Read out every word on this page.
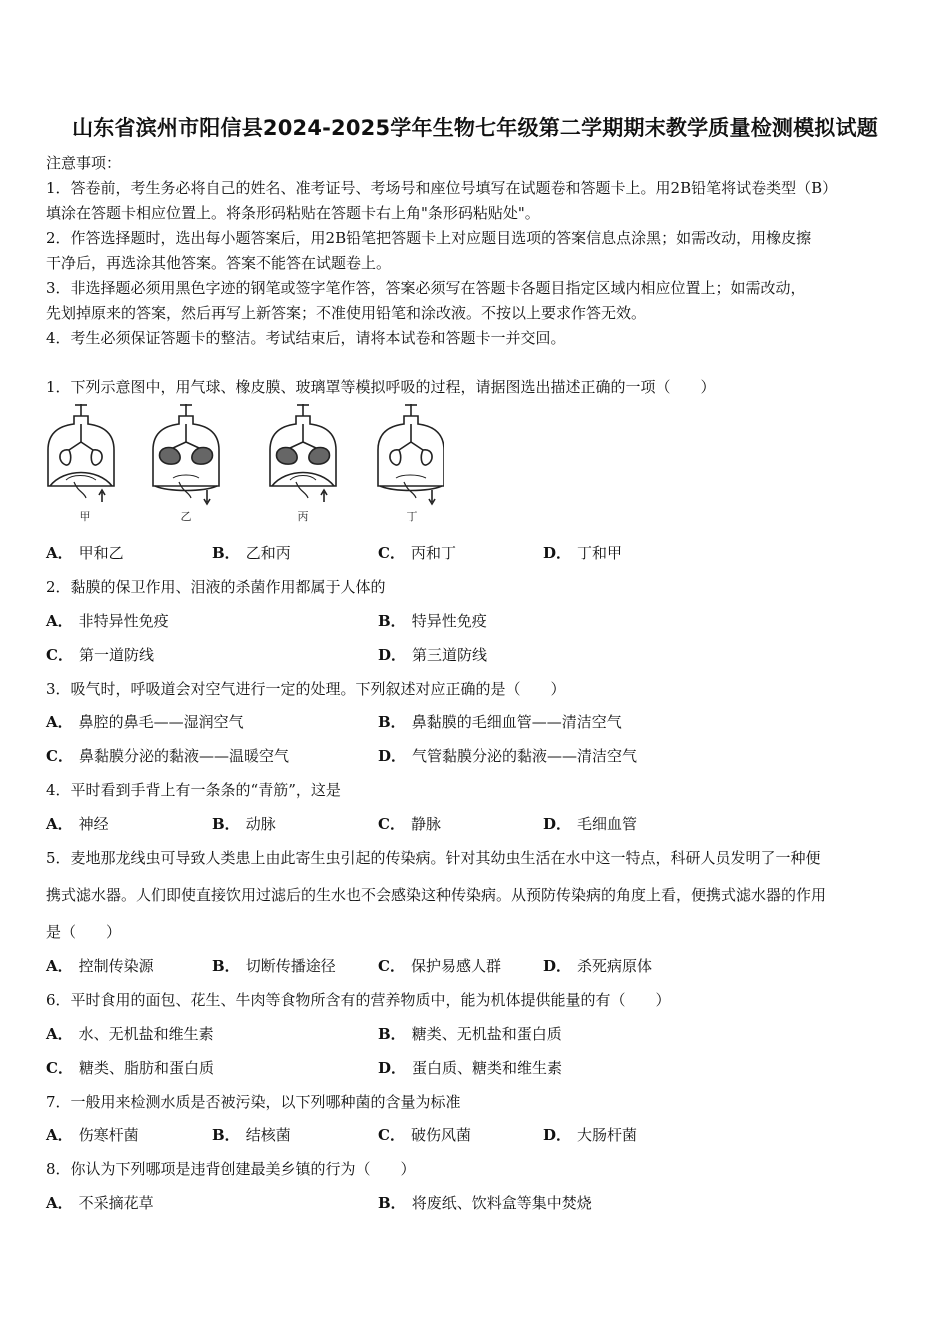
山东省滨州市阳信县2024-2025学年生物七年级第二学期期末教学质量检测模拟试题
注意事项：
1．答卷前，考生务必将自己的姓名、准考证号、考场号和座位号填写在试题卷和答题卡上。用2B铅笔将试卷类型（B）
填涂在答题卡相应位置上。将条形码粘贴在答题卡右上角"条形码粘贴处"。
2．作答选择题时，选出每小题答案后，用2B铅笔把答题卡上对应题目选项的答案信息点涂黑；如需改动，用橡皮擦
干净后，再选涂其他答案。答案不能答在试题卷上。
3．非选择题必须用黑色字迹的钢笔或签字笔作答，答案必须写在答题卡各题目指定区域内相应位置上；如需改动，
先划掉原来的答案，然后再写上新答案；不准使用铅笔和涂改液。不按以上要求作答无效。
4．考生必须保证答题卡的整洁。考试结束后，请将本试卷和答题卡一并交回。
1．下列示意图中，用气球、橡皮膜、玻璃罩等模拟呼吸的过程，请据图选出描述正确的一项（　　）
甲	乙	丙	丁
A． 甲和乙	B． 乙和丙	C． 丙和丁	D． 丁和甲
2．黏膜的保卫作用、泪液的杀菌作用都属于人体的
A． 非特异性免疫	B． 特异性免疫
C． 第一道防线	D． 第三道防线
3．吸气时，呼吸道会对空气进行一定的处理。下列叙述对应正确的是（　　）
A． 鼻腔的鼻毛——湿润空气	B． 鼻黏膜的毛细血管——清洁空气
C． 鼻黏膜分泌的黏液——温暖空气	D． 气管黏膜分泌的黏液——清洁空气
4．平时看到手背上有一条条的“青筋”，这是
A． 神经	B． 动脉	C． 静脉	D． 毛细血管
5．麦地那龙线虫可导致人类患上由此寄生虫引起的传染病。针对其幼虫生活在水中这一特点，科研人员发明了一种便
携式滤水器。人们即使直接饮用过滤后的生水也不会感染这种传染病。从预防传染病的角度上看，便携式滤水器的作用
是（　　）
A． 控制传染源	B． 切断传播途径	C． 保护易感人群	D． 杀死病原体
6．平时食用的面包、花生、牛肉等食物所含有的营养物质中，能为机体提供能量的有（　　）
A． 水、无机盐和维生素	B． 糖类、无机盐和蛋白质
C． 糖类、脂肪和蛋白质	D． 蛋白质、糖类和维生素
7．一般用来检测水质是否被污染，以下列哪种菌的含量为标准
A． 伤寒杆菌	B． 结核菌	C． 破伤风菌	D． 大肠杆菌
8．你认为下列哪项是违背创建最美乡镇的行为（　　）
A． 不采摘花草	B． 将废纸、饮料盒等集中焚烧
